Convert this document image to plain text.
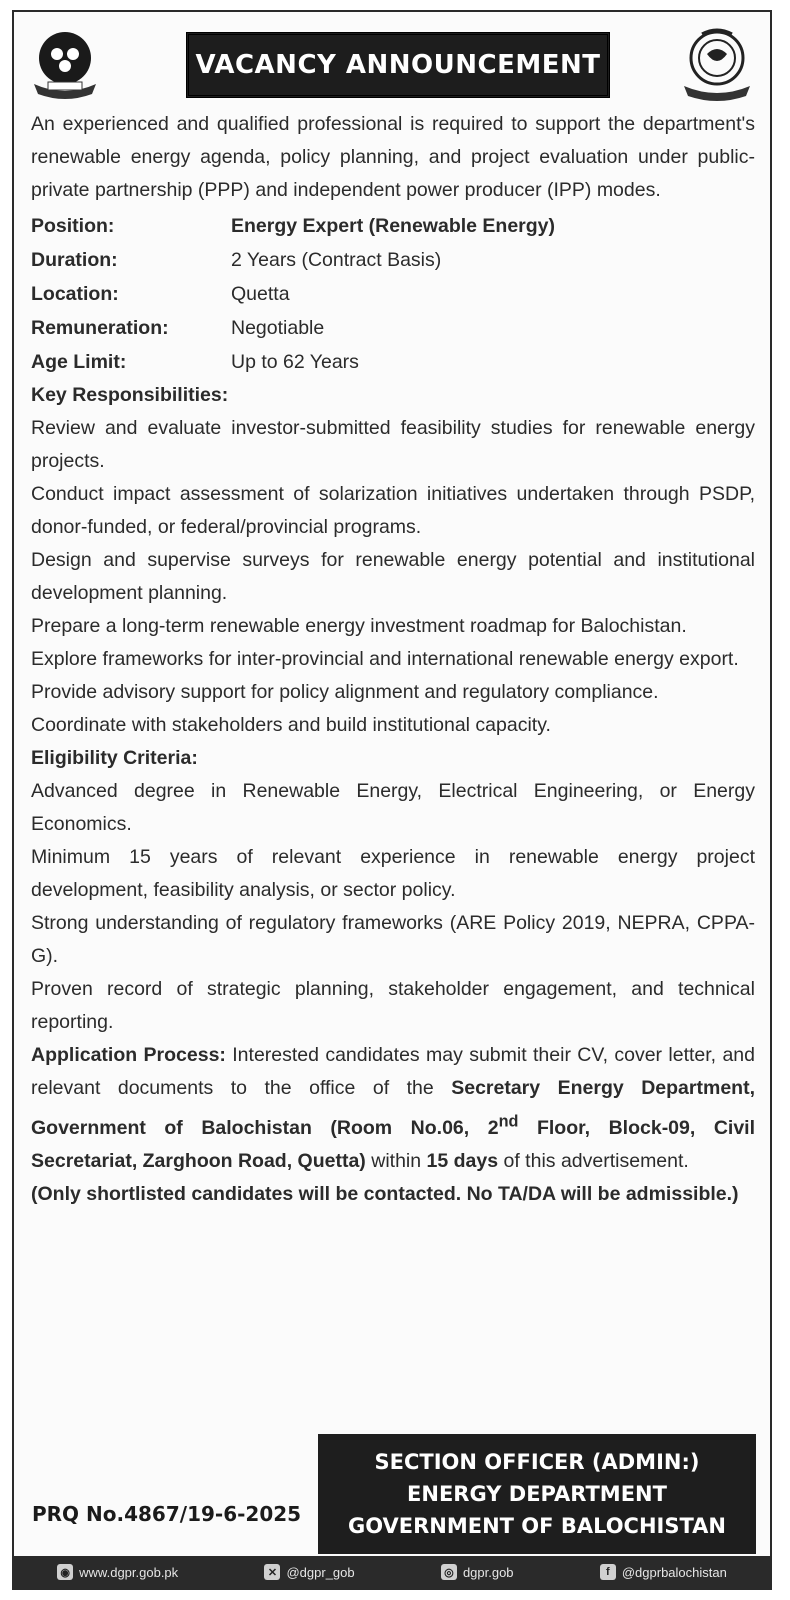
VACANCY ANNOUNCEMENT

An experienced and qualified professional is required to support the department's renewable energy agenda, policy planning, and project evaluation under public-private partnership (PPP) and independent power producer (IPP) modes.

Position:	Energy Expert (Renewable Energy)
Duration:	2 Years (Contract Basis)
Location:	Quetta
Remuneration:	Negotiable
Age Limit:	Up to 62 Years

Key Responsibilities:

Review and evaluate investor-submitted feasibility studies for renewable energy projects.

Conduct impact assessment of solarization initiatives undertaken through PSDP, donor-funded, or federal/provincial programs.

Design and supervise surveys for renewable energy potential and institutional development planning.

Prepare a long-term renewable energy investment roadmap for Balochistan.

Explore frameworks for inter-provincial and international renewable energy export.

Provide advisory support for policy alignment and regulatory compliance.

Coordinate with stakeholders and build institutional capacity.

Eligibility Criteria:

Advanced degree in Renewable Energy, Electrical Engineering, or Energy Economics.

Minimum 15 years of relevant experience in renewable energy project development, feasibility analysis, or sector policy.

Strong understanding of regulatory frameworks (ARE Policy 2019, NEPRA, CPPA-G).

Proven record of strategic planning, stakeholder engagement, and technical reporting.

Application Process: Interested candidates may submit their CV, cover letter, and relevant documents to the office of the Secretary Energy Department, Government of Balochistan (Room No.06, 2nd Floor, Block-09, Civil Secretariat, Zarghoon Road, Quetta) within 15 days of this advertisement.

(Only shortlisted candidates will be contacted. No TA/DA will be admissible.)

PRQ No.4867/19-6-2025
SECTION OFFICER (ADMIN:)
ENERGY DEPARTMENT
GOVERNMENT OF BALOCHISTAN
◉ www.dgpr.gob.pk	✕ @dgpr_gob	◎ dgpr.gob	f @dgprbalochistan
